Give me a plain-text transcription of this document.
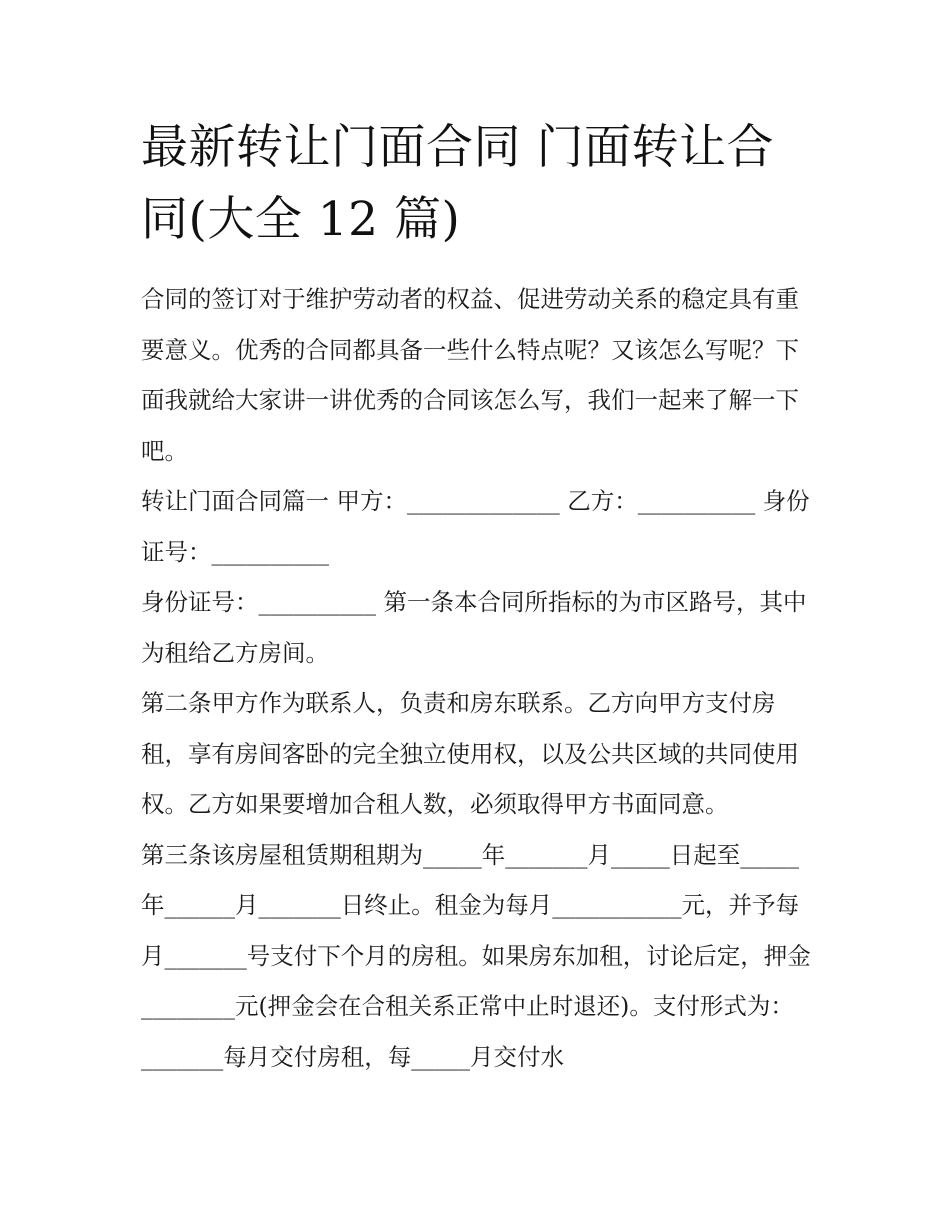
最新转让门面合同 门面转让合同(大全 12 篇)

合同的签订对于维护劳动者的权益、促进劳动关系的稳定具有重要意义。优秀的合同都具备一些什么特点呢？又该怎么写呢？下面我就给大家讲一讲优秀的合同该怎么写，我们一起来了解一下吧。

转让门面合同篇一 甲方：_____________ 乙方：__________ 身份证号：__________

身份证号：__________ 第一条本合同所指标的为市区路号，其中为租给乙方房间。

第二条甲方作为联系人，负责和房东联系。乙方向甲方支付房租，享有房间客卧的完全独立使用权，以及公共区域的共同使用权。乙方如果要增加合租人数，必须取得甲方书面同意。

第三条该房屋租赁期租期为_____年_______月_____日起至_____年______月_______日终止。租金为每月___________元，并予每月_______号支付下个月的房租。如果房东加租，讨论后定，押金________元(押金会在合租关系正常中止时退还)。支付形式为：_______每月交付房租，每_____月交付水
